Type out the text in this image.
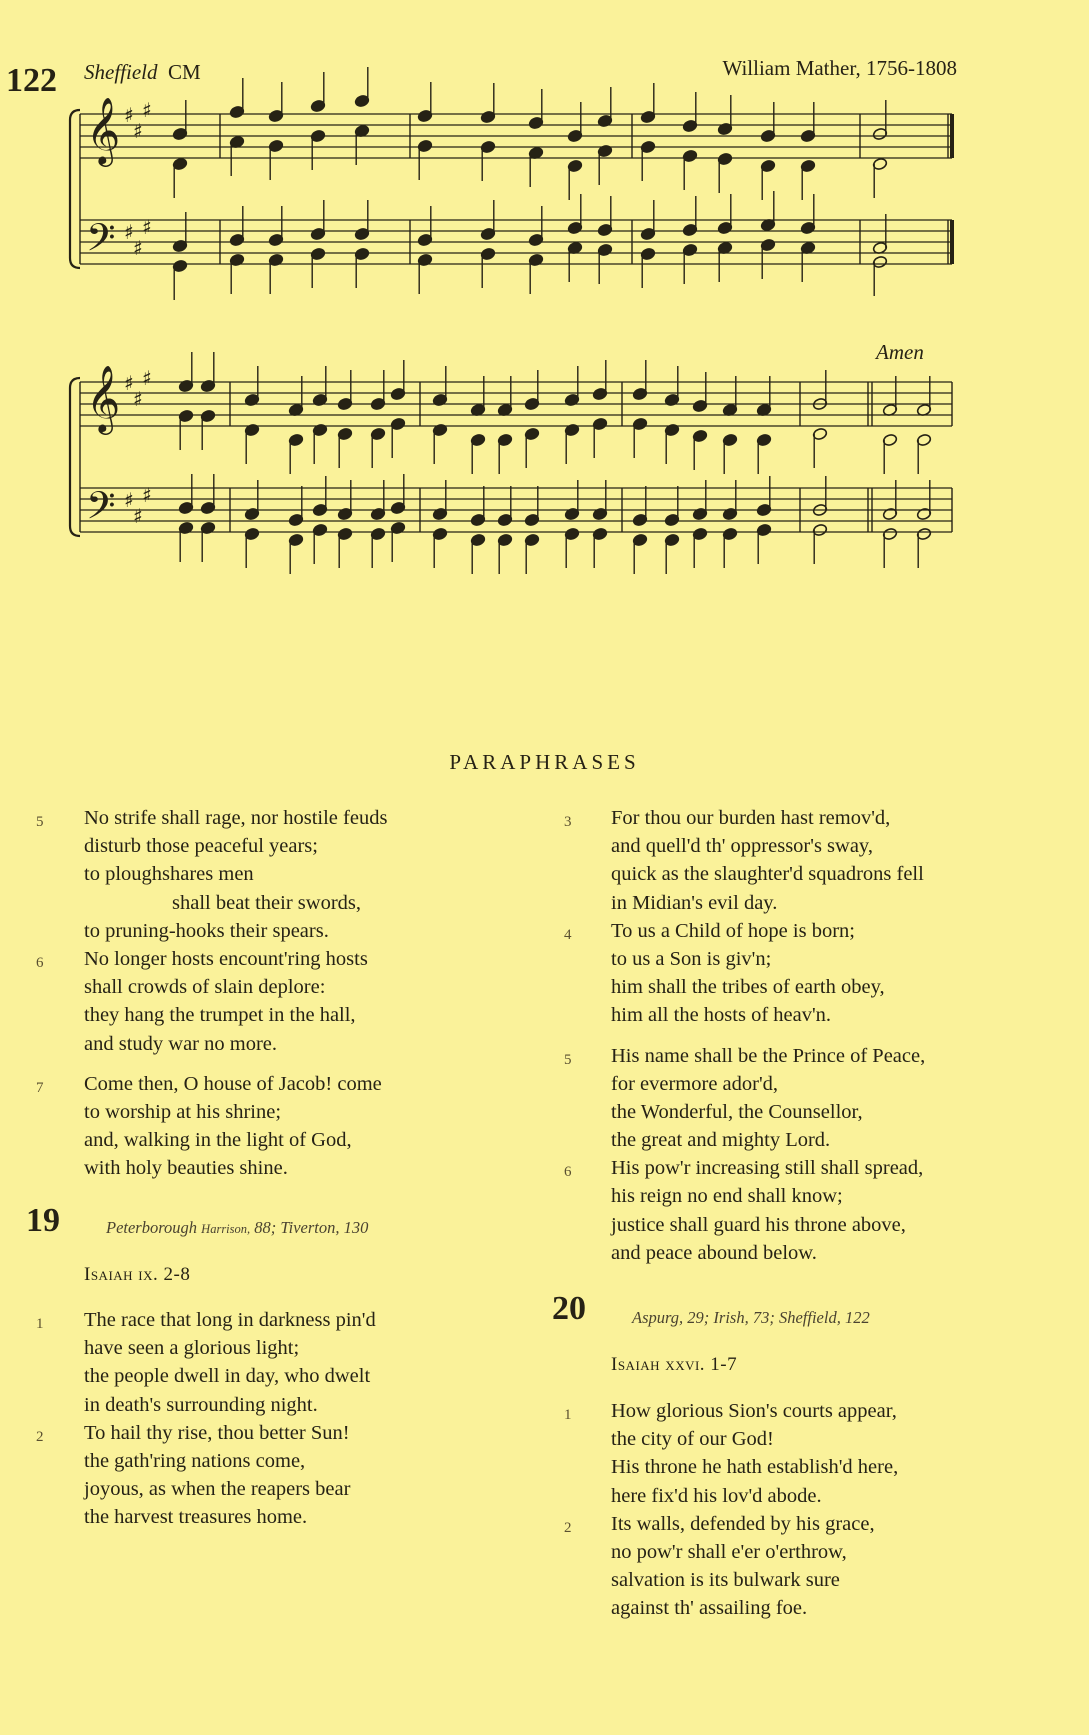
122 Sheffield CM	William Mather, 1756-1808
Amen
𝄞 ♯
♯
♯
𝄢 ♯
♯
♯
𝄞 ♯
♯
♯
𝄢 ♯
♯
♯
PARAPHRASES
5 No strife shall rage, nor hostile feuds
disturb those peaceful years;
to ploughshares men
shall beat their swords,
to pruning-hooks their spears.
6 No longer hosts encount'ring hosts
shall crowds of slain deplore:
they hang the trumpet in the hall,
and study war no more.
7 Come then, O house of Jacob! come
to worship at his shrine;
and, walking in the light of God,
with holy beauties shine.
19	Peterborough Harrison, 88; Tiverton, 130
Isaiah ix. 2-8
1 The race that long in darkness pin'd
have seen a glorious light;
the people dwell in day, who dwelt
in death's surrounding night.
2 To hail thy rise, thou better Sun!
the gath'ring nations come,
joyous, as when the reapers bear
the harvest treasures home.
3 For thou our burden hast remov'd,
and quell'd th' oppressor's sway,
quick as the slaughter'd squadrons fell
in Midian's evil day.
4 To us a Child of hope is born;
to us a Son is giv'n;
him shall the tribes of earth obey,
him all the hosts of heav'n.
5 His name shall be the Prince of Peace,
for evermore ador'd,
the Wonderful, the Counsellor,
the great and mighty Lord.
6 His pow'r increasing still shall spread,
his reign no end shall know;
justice shall guard his throne above,
and peace abound below.
20	Aspurg, 29; Irish, 73; Sheffield, 122
Isaiah xxvi. 1-7
1 How glorious Sion's courts appear,
the city of our God!
His throne he hath establish'd here,
here fix'd his lov'd abode.
2 Its walls, defended by his grace,
no pow'r shall e'er o'erthrow,
salvation is its bulwark sure
against th' assailing foe.
